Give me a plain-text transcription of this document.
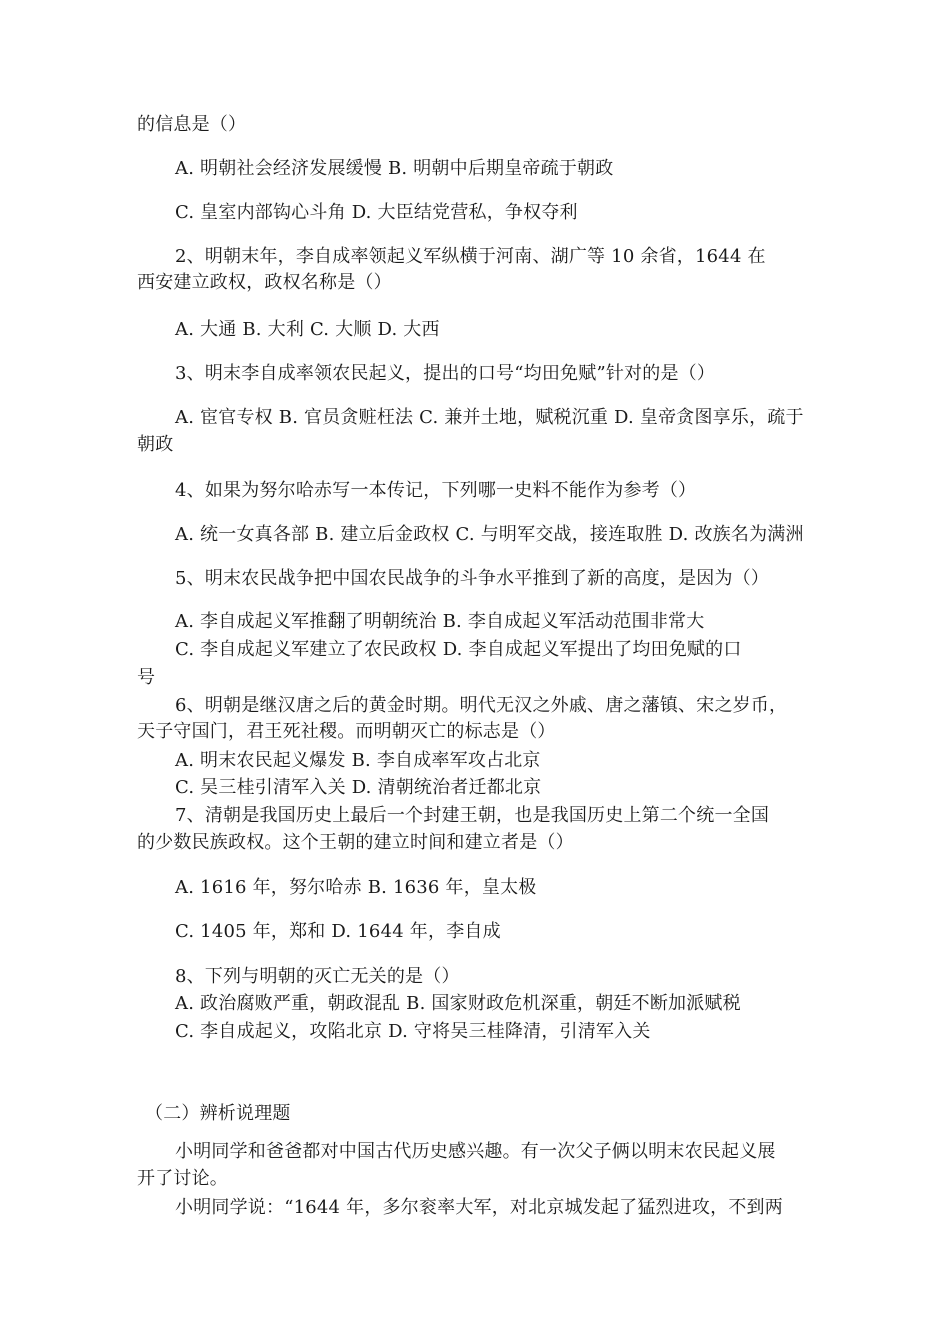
的信息是（）
A. 明朝社会经济发展缓慢 B. 明朝中后期皇帝疏于朝政
C. 皇室内部钩心斗角 D. 大臣结党营私，争权夺利
2、明朝末年，李自成率领起义军纵横于河南、湖广等 10 余省，1644 在
西安建立政权，政权名称是（）
A. 大通 B. 大利 C. 大顺 D. 大西
3、明末李自成率领农民起义，提出的口号“均田免赋”针对的是（）
A. 宦官专权 B. 官员贪赃枉法 C. 兼并土地，赋税沉重 D. 皇帝贪图享乐，疏于
朝政
4、如果为努尔哈赤写一本传记，下列哪一史料不能作为参考（）
A. 统一女真各部 B. 建立后金政权 C. 与明军交战，接连取胜 D. 改族名为满洲
5、明末农民战争把中国农民战争的斗争水平推到了新的高度，是因为（）
A. 李自成起义军推翻了明朝统治 B. 李自成起义军活动范围非常大
C. 李自成起义军建立了农民政权 D. 李自成起义军提出了均田免赋的口
号
6、明朝是继汉唐之后的黄金时期。明代无汉之外戚、唐之藩镇、宋之岁币，
天子守国门，君王死社稷。而明朝灭亡的标志是（）
A. 明末农民起义爆发 B. 李自成率军攻占北京
C. 吴三桂引清军入关 D. 清朝统治者迁都北京
7、清朝是我国历史上最后一个封建王朝，也是我国历史上第二个统一全国
的少数民族政权。这个王朝的建立时间和建立者是（）
A. 1616 年，努尔哈赤 B. 1636 年，皇太极
C. 1405 年，郑和 D. 1644 年，李自成
8、下列与明朝的灭亡无关的是（）
A. 政治腐败严重，朝政混乱 B. 国家财政危机深重，朝廷不断加派赋税
C. 李自成起义，攻陷北京 D. 守将吴三桂降清，引清军入关
（二）辨析说理题
小明同学和爸爸都对中国古代历史感兴趣。有一次父子俩以明末农民起义展
开了讨论。
小明同学说：“1644 年，多尔衮率大军，对北京城发起了猛烈进攻，不到两
